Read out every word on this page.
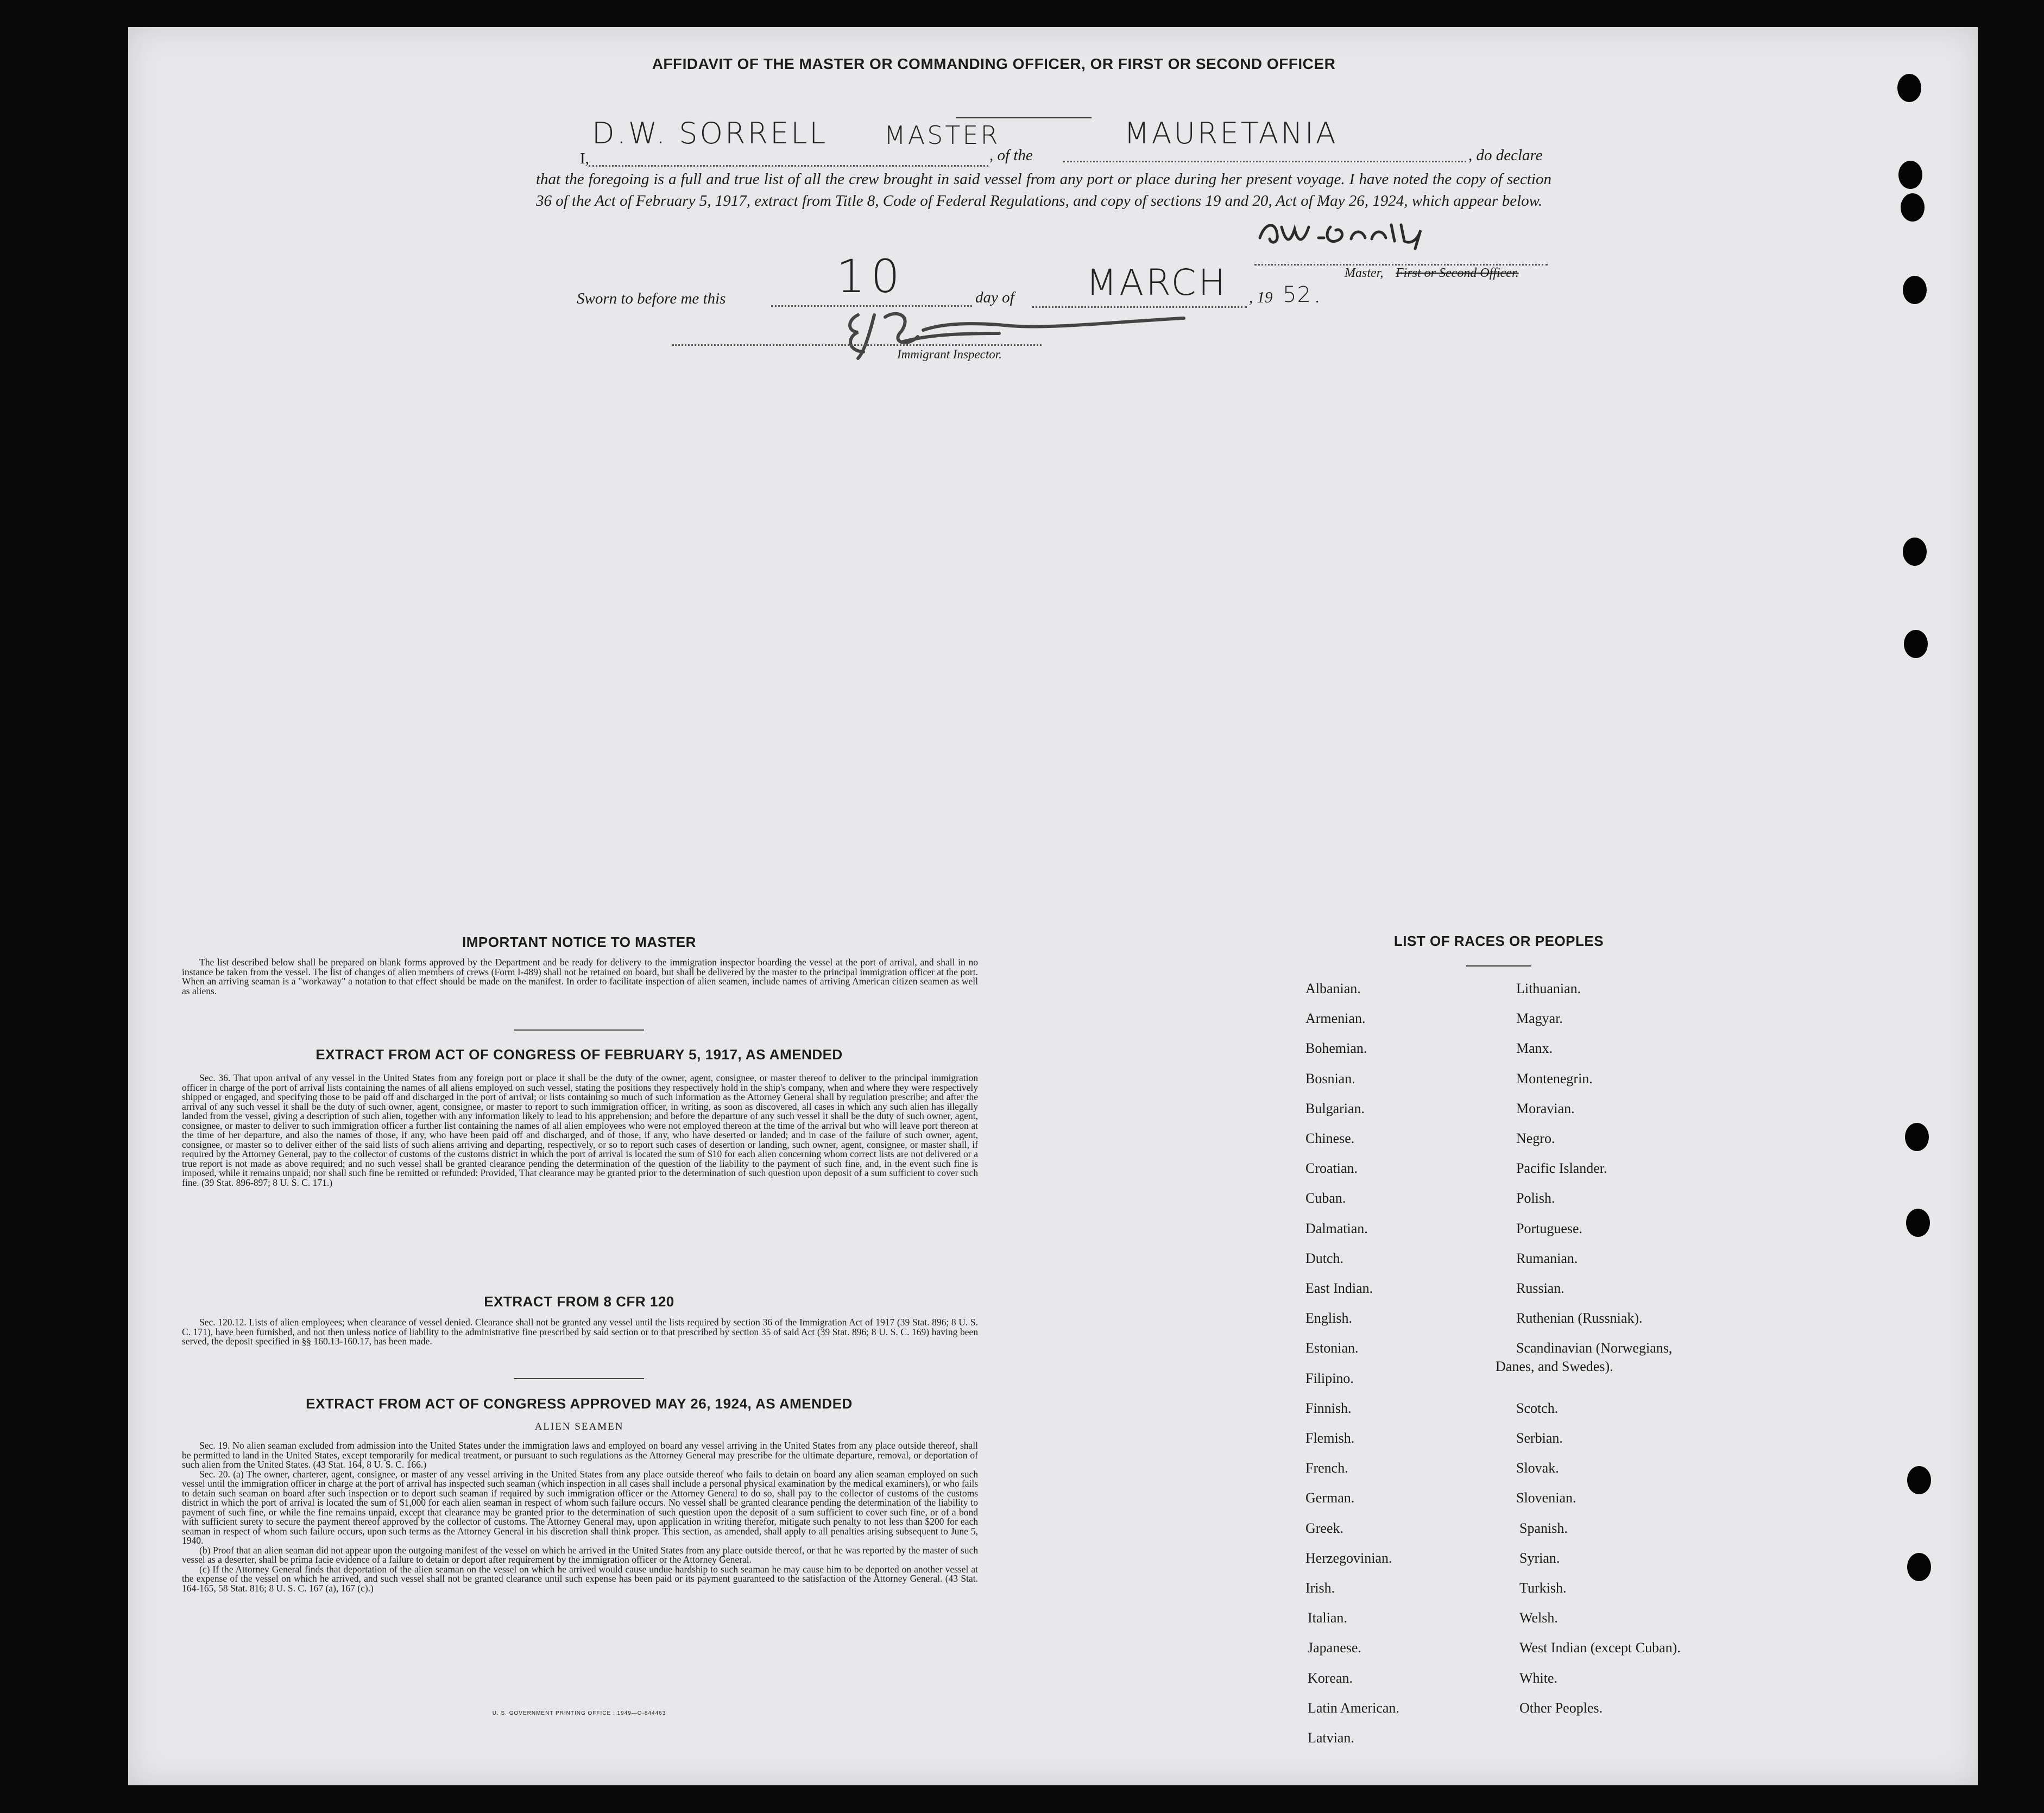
AFFIDAVIT OF THE MASTER OR COMMANDING OFFICER, OR FIRST OR SECOND OFFICER
I,
D.W. SORRELL MASTER
, of the
MAURETANIA
, do declare
that the foregoing is a full and true list of all the crew brought in said vessel from any port or place during her present voyage. I have noted the copy of section 36 of the Act of February 5, 1917, extract from Title 8, Code of Federal Regulations, and copy of sections 19 and 20, Act of May 26, 1924, which appear below.
Master, First or Second Officer.
Sworn to before me this 10	day of MARCH , 19 52 .
Immigrant Inspector.
IMPORTANT NOTICE TO MASTER

The list described below shall be prepared on blank forms approved by the Department and be ready for delivery to the immigration inspector boarding the vessel at the port of arrival, and shall in no instance be taken from the vessel. The list of changes of alien members of crews (Form I-489) shall not be retained on board, but shall be delivered by the master to the principal immigration officer at the port. When an arriving seaman is a "workaway" a notation to that effect should be made on the manifest. In order to facilitate inspection of alien seamen, include names of arriving American citizen seamen as well as aliens.

EXTRACT FROM ACT OF CONGRESS OF FEBRUARY 5, 1917, AS AMENDED

Sec. 36. That upon arrival of any vessel in the United States from any foreign port or place it shall be the duty of the owner, agent, consignee, or master thereof to deliver to the principal immigration officer in charge of the port of arrival lists containing the names of all aliens employed on such vessel, stating the positions they respectively hold in the ship's company, when and where they were respectively shipped or engaged, and specifying those to be paid off and discharged in the port of arrival; or lists containing so much of such information as the Attorney General shall by regulation prescribe; and after the arrival of any such vessel it shall be the duty of such owner, agent, consignee, or master to report to such immigration officer, in writing, as soon as discovered, all cases in which any such alien has illegally landed from the vessel, giving a description of such alien, together with any information likely to lead to his apprehension; and before the departure of any such vessel it shall be the duty of such owner, agent, consignee, or master to deliver to such immigration officer a further list containing the names of all alien employees who were not employed thereon at the time of the arrival but who will leave port thereon at the time of her departure, and also the names of those, if any, who have been paid off and discharged, and of those, if any, who have deserted or landed; and in case of the failure of such owner, agent, consignee, or master so to deliver either of the said lists of such aliens arriving and departing, respectively, or so to report such cases of desertion or landing, such owner, agent, consignee, or master shall, if required by the Attorney General, pay to the collector of customs of the customs district in which the port of arrival is located the sum of $10 for each alien concerning whom correct lists are not delivered or a true report is not made as above required; and no such vessel shall be granted clearance pending the determination of the question of the liability to the payment of such fine, and, in the event such fine is imposed, while it remains unpaid; nor shall such fine be remitted or refunded: Provided, That clearance may be granted prior to the determination of such question upon deposit of a sum sufficient to cover such fine. (39 Stat. 896-897; 8 U. S. C. 171.)

EXTRACT FROM 8 CFR 120

Sec. 120.12. Lists of alien employees; when clearance of vessel denied. Clearance shall not be granted any vessel until the lists required by section 36 of the Immigration Act of 1917 (39 Stat. 896; 8 U. S. C. 171), have been furnished, and not then unless notice of liability to the administrative fine prescribed by said section or to that prescribed by section 35 of said Act (39 Stat. 896; 8 U. S. C. 169) having been served, the deposit specified in §§ 160.13-160.17, has been made.

EXTRACT FROM ACT OF CONGRESS APPROVED MAY 26, 1924, AS AMENDED
ALIEN SEAMEN

Sec. 19. No alien seaman excluded from admission into the United States under the immigration laws and employed on board any vessel arriving in the United States from any place outside thereof, shall be permitted to land in the United States, except temporarily for medical treatment, or pursuant to such regulations as the Attorney General may prescribe for the ultimate departure, removal, or deportation of such alien from the United States. (43 Stat. 164, 8 U. S. C. 166.)

Sec. 20. (a) The owner, charterer, agent, consignee, or master of any vessel arriving in the United States from any place outside thereof who fails to detain on board any alien seaman employed on such vessel until the immigration officer in charge at the port of arrival has inspected such seaman (which inspection in all cases shall include a personal physical examination by the medical examiners), or who fails to detain such seaman on board after such inspection or to deport such seaman if required by such immigration officer or the Attorney General to do so, shall pay to the collector of customs of the customs district in which the port of arrival is located the sum of $1,000 for each alien seaman in respect of whom such failure occurs. No vessel shall be granted clearance pending the determination of the liability to payment of such fine, or while the fine remains unpaid, except that clearance may be granted prior to the determination of such question upon the deposit of a sum sufficient to cover such fine, or of a bond with sufficient surety to secure the payment thereof approved by the collector of customs. The Attorney General may, upon application in writing therefor, mitigate such penalty to not less than $200 for each seaman in respect of whom such failure occurs, upon such terms as the Attorney General in his discretion shall think proper. This section, as amended, shall apply to all penalties arising subsequent to June 5, 1940.

(b) Proof that an alien seaman did not appear upon the outgoing manifest of the vessel on which he arrived in the United States from any place outside thereof, or that he was reported by the master of such vessel as a deserter, shall be prima facie evidence of a failure to detain or deport after requirement by the immigration officer or the Attorney General.

(c) If the Attorney General finds that deportation of the alien seaman on the vessel on which he arrived would cause undue hardship to such seaman he may cause him to be deported on another vessel at the expense of the vessel on which he arrived, and such vessel shall not be granted clearance until such expense has been paid or its payment guaranteed to the satisfaction of the Attorney General. (43 Stat. 164-165, 58 Stat. 816; 8 U. S. C. 167 (a), 167 (c).)

U. S. GOVERNMENT PRINTING OFFICE : 1949—O-844463
LIST OF RACES OR PEOPLES
Albanian.
Armenian.
Bohemian.
Bosnian.
Bulgarian.
Chinese.
Croatian.
Cuban.
Dalmatian.
Dutch.
East Indian.
English.
Estonian.
Filipino.
Finnish.
Flemish.
French.
German.
Greek.
Herzegovinian.
Irish.
Italian.
Japanese.
Korean.
Latin American.
Latvian.
Lithuanian.
Magyar.
Manx.
Montenegrin.
Moravian.
Negro.
Pacific Islander.
Polish.
Portuguese.
Rumanian.
Russian.
Ruthenian (Russniak).
Scandinavian (Norwegians,
Danes, and Swedes).
Scotch.
Serbian.
Slovak.
Slovenian.
Spanish.
Syrian.
Turkish.
Welsh.
West Indian (except Cuban).
White.
Other Peoples.
